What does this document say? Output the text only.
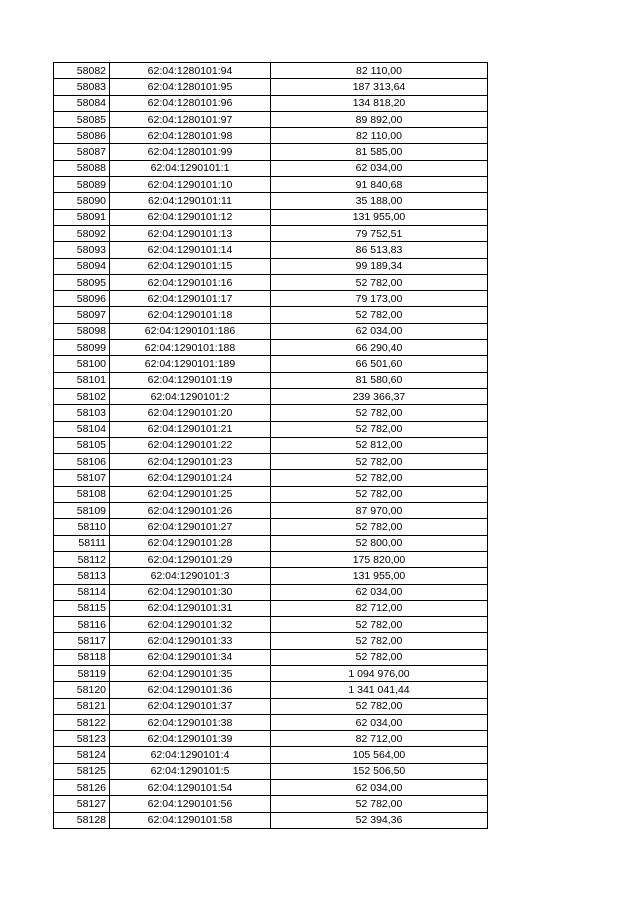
58082	62:04:1280101:94	82 110,00
58083	62:04:1280101:95	187 313,64
58084	62:04:1280101:96	134 818,20
58085	62:04:1280101:97	89 892,00
58086	62:04:1280101:98	82 110,00
58087	62:04:1280101:99	81 585,00
58088	62:04:1290101:1	62 034,00
58089	62:04:1290101:10	91 840,68
58090	62:04:1290101:11	35 188,00
58091	62:04:1290101:12	131 955,00
58092	62:04:1290101:13	79 752,51
58093	62:04:1290101:14	86 513,83
58094	62:04:1290101:15	99 189,34
58095	62:04:1290101:16	52 782,00
58096	62:04:1290101:17	79 173,00
58097	62:04:1290101:18	52 782,00
58098	62:04:1290101:186	62 034,00
58099	62:04:1290101:188	66 290,40
58100	62:04:1290101:189	66 501,60
58101	62:04:1290101:19	81 580,60
58102	62:04:1290101:2	239 366,37
58103	62:04:1290101:20	52 782,00
58104	62:04:1290101:21	52 782,00
58105	62:04:1290101:22	52 812,00
58106	62:04:1290101:23	52 782,00
58107	62:04:1290101:24	52 782,00
58108	62:04:1290101:25	52 782,00
58109	62:04:1290101:26	87 970,00
58110	62:04:1290101:27	52 782,00
58111	62:04:1290101:28	52 800,00
58112	62:04:1290101:29	175 820,00
58113	62:04:1290101:3	131 955,00
58114	62:04:1290101:30	62 034,00
58115	62:04:1290101:31	82 712,00
58116	62:04:1290101:32	52 782,00
58117	62:04:1290101:33	52 782,00
58118	62:04:1290101:34	52 782,00
58119	62:04:1290101:35	1 094 976,00
58120	62:04:1290101:36	1 341 041,44
58121	62:04:1290101:37	52 782,00
58122	62:04:1290101:38	62 034,00
58123	62:04:1290101:39	82 712,00
58124	62:04:1290101:4	105 564,00
58125	62:04:1290101:5	152 506,50
58126	62:04:1290101:54	62 034,00
58127	62:04:1290101:56	52 782,00
58128	62:04:1290101:58	52 394,36
